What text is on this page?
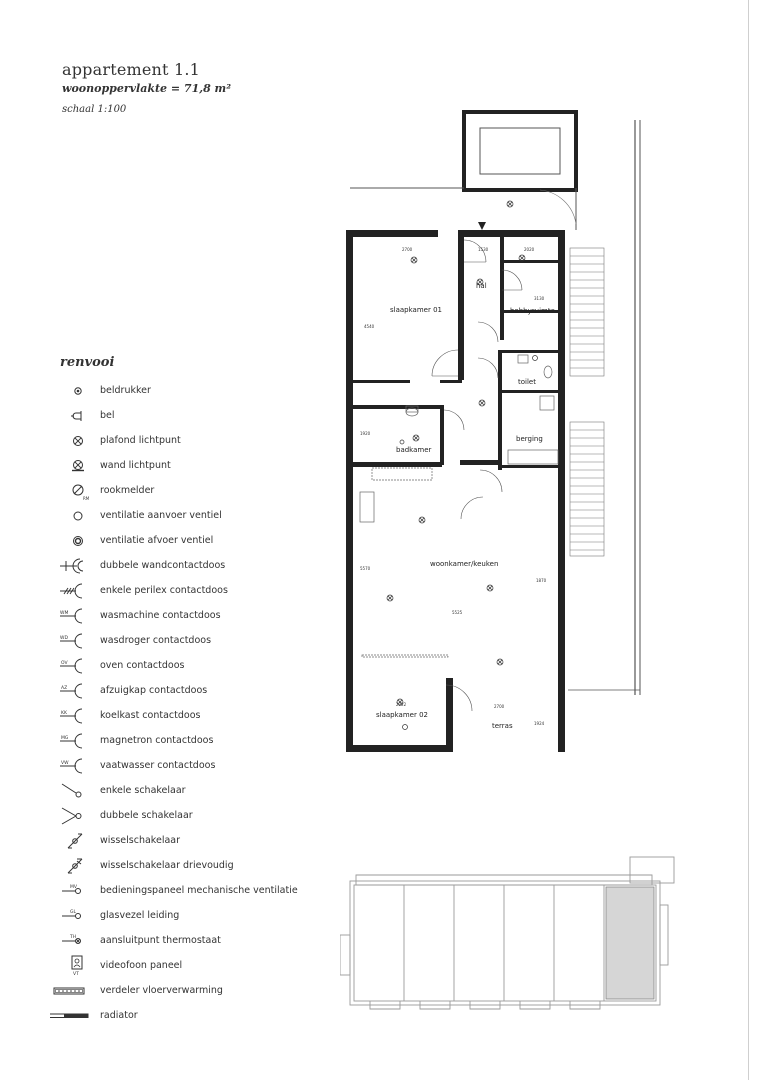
appartement 1.1
woonoppervlakte = 71,8 m²
schaal 1:100
renvooi
beldrukker
bel
plafond lichtpunt
wand lichtpunt
RM
rookmelder
ventilatie aanvoer ventiel
ventilatie afvoer ventiel
dubbele wandcontactdoos
enkele perilex contactdoos
WM	wasmachine contactdoos
WD	wasdroger contactdoos
OV	oven contactdoos
AZ	afzuigkap contactdoos
KK	koelkast contactdoos
MG	magnetron contactdoos
VW	vaatwasser contactdoos
enkele schakelaar
dubbele schakelaar
wisselschakelaar
wisselschakelaar drievoudig
MV bedieningspaneel mechanische ventilatie
GL	glasvezel leiding
TH	aansluitpunt thermostaat
VT
videofoon paneel
verdeler vloerverwarming
radiator
slaapkamer 01
hal
hobbyruimte
toilet
berging
badkamer
woonkamer/keuken
slaapkamer 02
terras
2700	1530	2020
4540
3130
1920
5570
5525
1870
2700
2222
1924
